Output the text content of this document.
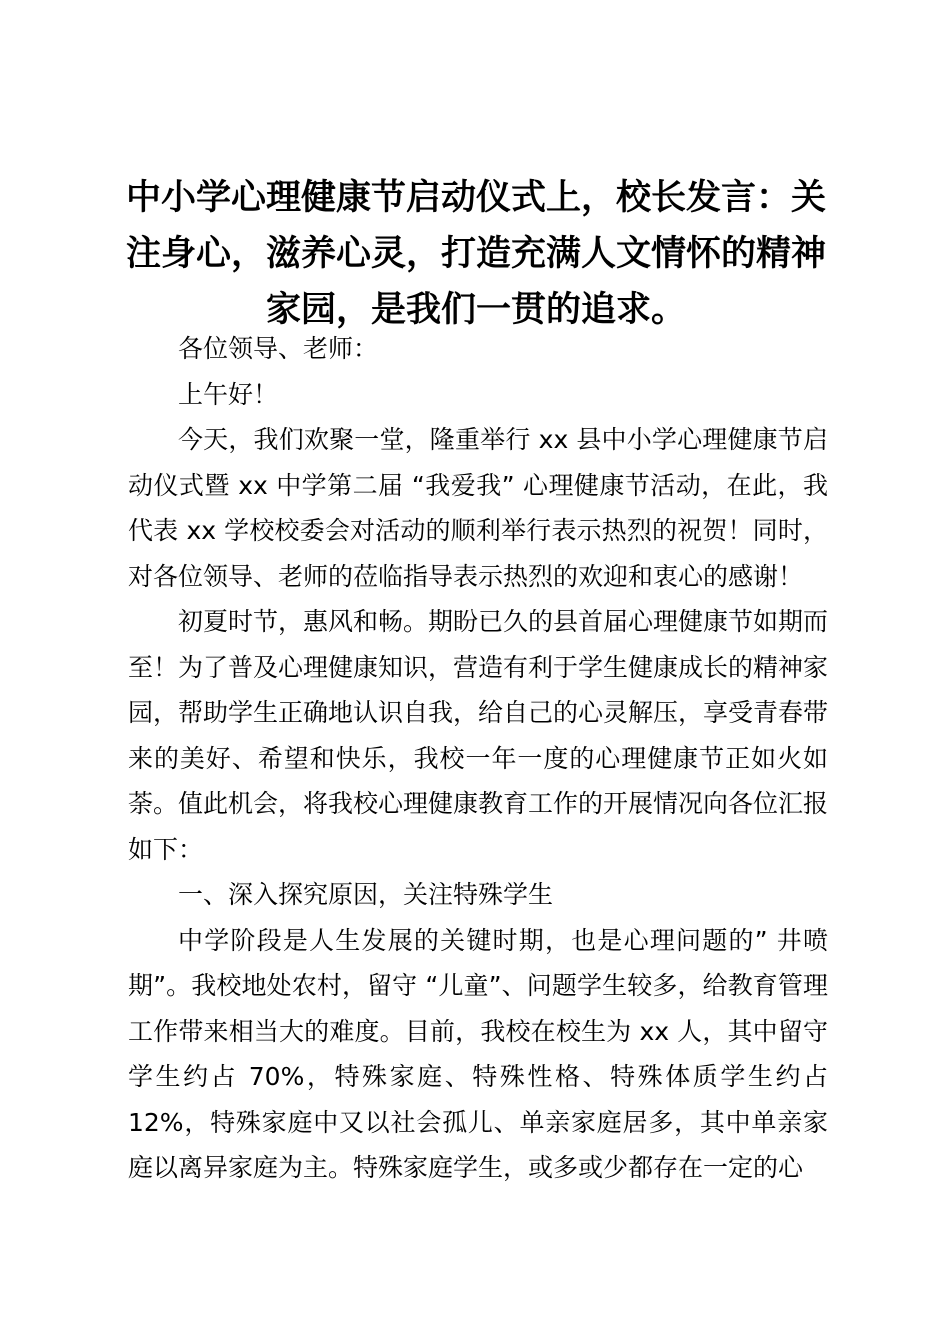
中小学心理健康节启动仪式上，校长发言：关注身心，滋养心灵，打造充满人文情怀的精神家园，是我们一贯的追求。

各位领导、老师：

上午好！

今天，我们欢聚一堂，隆重举行 xx 县中小学心理健康节启动仪式暨 xx 中学第二届 “我爱我” 心理健康节活动，在此，我代表 xx 学校校委会对活动的顺利举行表示热烈的祝贺！同时，对各位领导、老师的莅临指导表示热烈的欢迎和衷心的感谢！

初夏时节，惠风和畅。期盼已久的县首届心理健康节如期而至！为了普及心理健康知识，营造有利于学生健康成长的精神家园，帮助学生正确地认识自我，给自己的心灵解压，享受青春带来的美好、希望和快乐，我校一年一度的心理健康节正如火如荼。值此机会，将我校心理健康教育工作的开展情况向各位汇报如下：

一、深入探究原因，关注特殊学生

中学阶段是人生发展的关键时期，也是心理问题的” 井喷期”。我校地处农村，留守 “儿童”、问题学生较多，给教育管理工作带来相当大的难度。目前，我校在校生为 xx 人，其中留守学生约占 70%，特殊家庭、特殊性格、特殊体质学生约占 12%，特殊家庭中又以社会孤儿、单亲家庭居多，其中单亲家庭以离异家庭为主。特殊家庭学生，或多或少都存在一定的心
